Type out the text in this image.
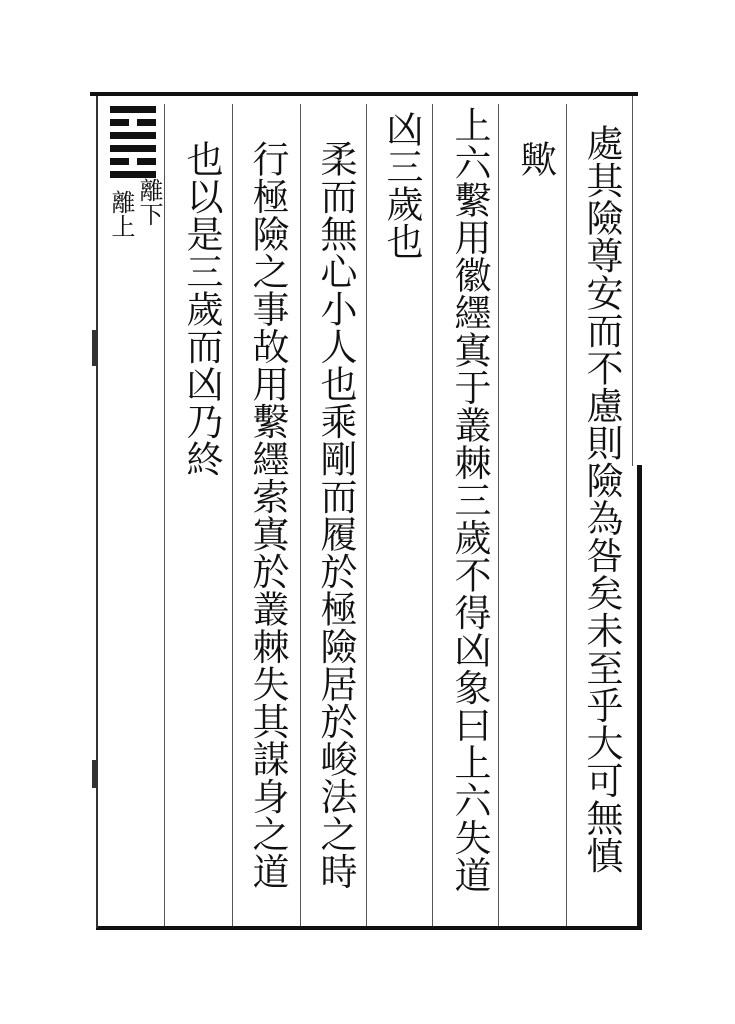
處其險尊安而不慮則險為咎矣未至乎大可無慎
歟
上六繫用徽纆寘于叢棘三歲不得凶象曰上六失道
凶三歲也
柔而無心小人也乘剛而履於極險居於峻法之時
行極險之事故用繫纆索寘於叢棘失其謀身之道
也以是三歲而凶乃終
離下
離上
